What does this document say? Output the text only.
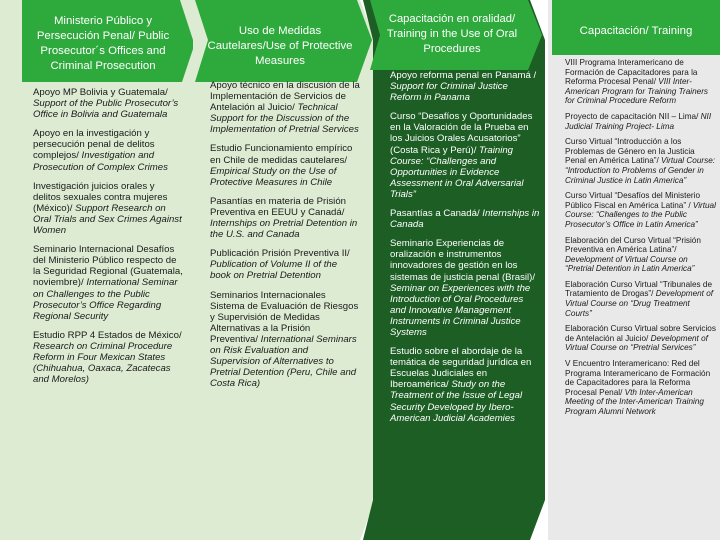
Ministerio Público y Persecución Penal/ Public Prosecutor´s Offices and Criminal Prosecution
Apoyo MP Bolivia y Guatemala/ Support of the Public Prosecutor’s Office in Bolivia and Guatemala
Apoyo en la investigación y persecución penal de delitos complejos/ Investigation and Prosecution of Complex Crimes
Investigación juicios orales y delitos sexuales contra mujeres (México)/ Support Research on Oral Trials and Sex Crimes Against Women
Seminario Internacional Desafíos del Ministerio Público respecto de la Seguridad Regional (Guatemala, noviembre)/ International Seminar on Challenges to the Public Prosecutor’s Office Regarding Regional Security
Estudio RPP 4 Estados de México/ Research on Criminal Procedure Reform in Four Mexican States (Chihuahua, Oaxaca, Zacatecas and Morelos)
Uso de Medidas Cautelares/Use of Protective Measures
Apoyo técnico en la discusión de la Implementación de Servicios de Antelación al Juicio/ Technical Support for the Discussion of the Implementation of Pretrial Services
Estudio Funcionamiento empírico en Chile de medidas cautelares/ Empirical Study on the Use of Protective Measures in Chile
Pasantías en materia de Prisión Preventiva en EEUU y Canadá/ Internships on Pretrial Detention in the U.S. and Canada
Publicación Prisión Preventiva II/ Publication of Volume II of the book on Pretrial Detention
Seminarios Internacionales Sistema de Evaluación de Riesgos y Supervisión de Medidas Alternativas a la Prisión Preventiva/ International Seminars on Risk Evaluation and Supervision of Alternatives to Pretrial Detention (Peru, Chile and Costa Rica)
Capacitación en oralidad/ Training in the Use of Oral Procedures
Apoyo reforma penal en Panamá / Support for Criminal Justice Reform in Panama
Curso “Desafíos y Oportunidades en la Valoración de la Prueba en los Juicios Orales Acusatorios” (Costa Rica y Perú)/ Training Course: “Challenges and Opportunities in Evidence Assessment in Oral Adversarial Trials”
Pasantías a Canadá/ Internships in Canada
Seminario Experiencias de oralización e instrumentos innovadores de gestión en los sistemas de justicia penal (Brasil)/ Seminar on Experiences with the Introduction of Oral Procedures and Innovative Management Instruments in Criminal Justice Systems
Estudio sobre el abordaje de la temática de seguridad jurídica en Escuelas Judiciales en Iberoamérica/ Study on the Treatment of the Issue of Legal Security Developed by Ibero-American Judicial Academies
Capacitación/ Training
VIII Programa Interamericano de Formación de Capacitadores para la Reforma Procesal Penal/ VIII Inter-American Program for Training Trainers for Criminal Procedure Reform
Proyecto de capacitación NII – Lima/ NII Judicial Training Project- Lima
Curso Virtual “Introducción a los Problemas de Género en la Justicia Penal en América Latina”/ Virtual Course: “Introduction to Problems of Gender in Criminal Justice in Latin America”
Curso Virtual “Desafíos del Ministerio Público Fiscal en América Latina” / Virtual Course: “Challenges to the Public Prosecutor’s Office in Latin America”
Elaboración del Curso Virtual “Prisión Preventiva en América Latina”/ Development of Virtual Course on “Pretrial Detention in Latin America”
Elaboración Curso Virtual “Tribunales de Tratamiento de Drogas”/ Development of Virtual Course on “Drug Treatment Courts”
Elaboración Curso Virtual sobre Servicios de Antelación al Juicio/ Development of Virtual Course on “Pretrial Services”
V Encuentro Interamericano: Red del Programa Interamericano de Formación de Capacitadores para la Reforma Procesal Penal/ Vth Inter-American Meeting of the Inter-American Training Program Alumni Network
